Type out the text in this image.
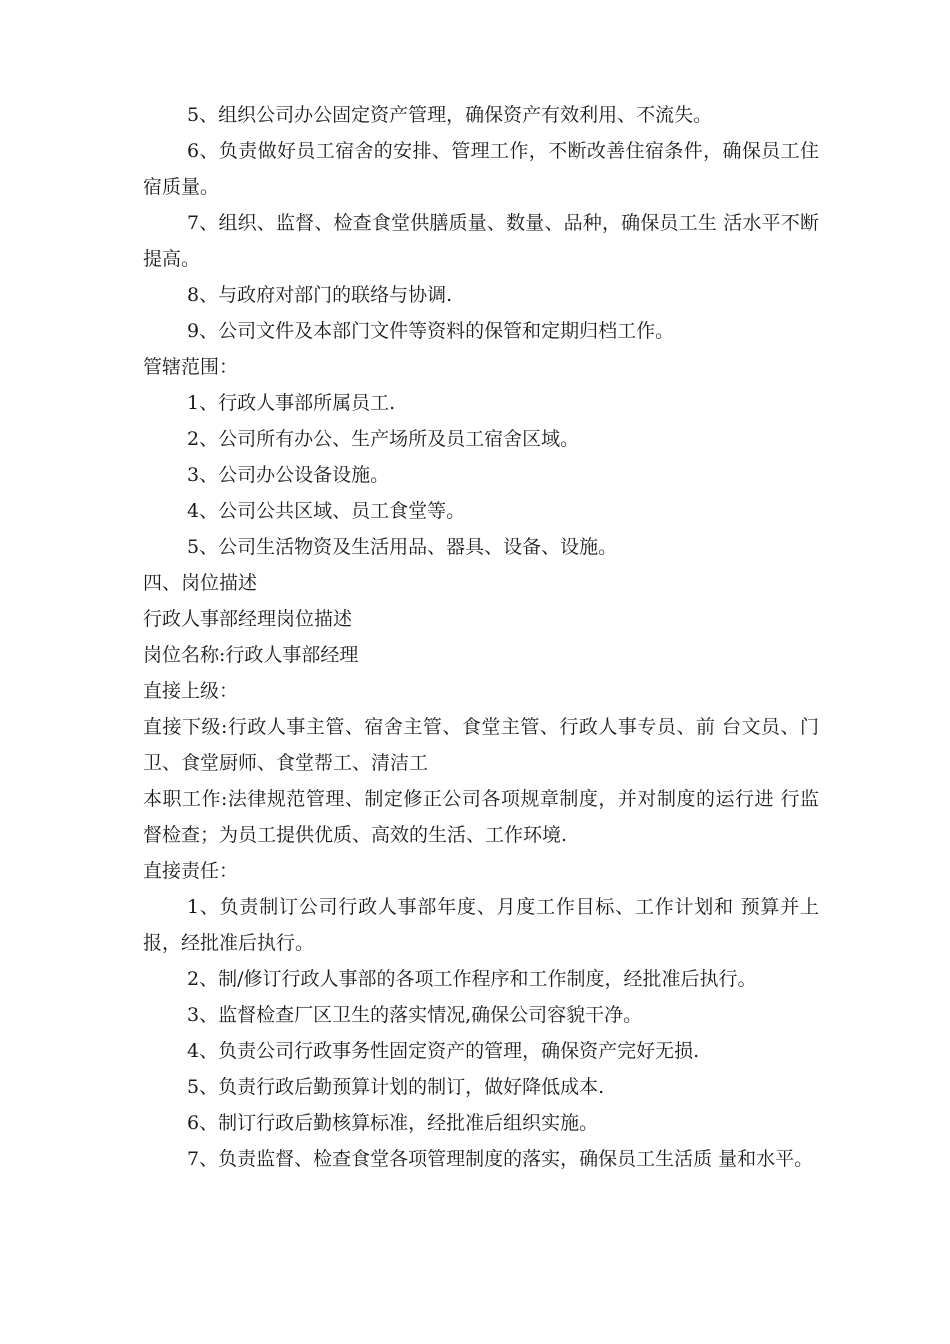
5、组织公司办公固定资产管理，确保资产有效利用、不流失。

6、负责做好员工宿舍的安排、管理工作，不断改善住宿条件，确保员工住宿质量。

7、组织、监督、检查食堂供膳质量、数量、品种，确保员工生 活水平不断提高。

8、与政府对部门的联络与协调.

9、公司文件及本部门文件等资料的保管和定期归档工作。

管辖范围：

1、行政人事部所属员工.

2、公司所有办公、生产场所及员工宿舍区域。

3、公司办公设备设施。

4、公司公共区域、员工食堂等。

5、公司生活物资及生活用品、器具、设备、设施。

四、岗位描述

行政人事部经理岗位描述

岗位名称:行政人事部经理

直接上级：

直接下级:行政人事主管、宿舍主管、食堂主管、行政人事专员、前 台文员、门卫、食堂厨师、食堂帮工、清洁工

本职工作:法律规范管理、制定修正公司各项规章制度，并对制度的运行进 行监督检查；为员工提供优质、高效的生活、工作环境.

直接责任：

1、负责制订公司行政人事部年度、月度工作目标、工作计划和 预算并上报，经批准后执行。

2、制/修订行政人事部的各项工作程序和工作制度，经批准后执行。

3、监督检查厂区卫生的落实情况,确保公司容貌干净。

4、负责公司行政事务性固定资产的管理，确保资产完好无损.

5、负责行政后勤预算计划的制订，做好降低成本.

6、制订行政后勤核算标准，经批准后组织实施。

7、负责监督、检查食堂各项管理制度的落实，确保员工生活质 量和水平。
